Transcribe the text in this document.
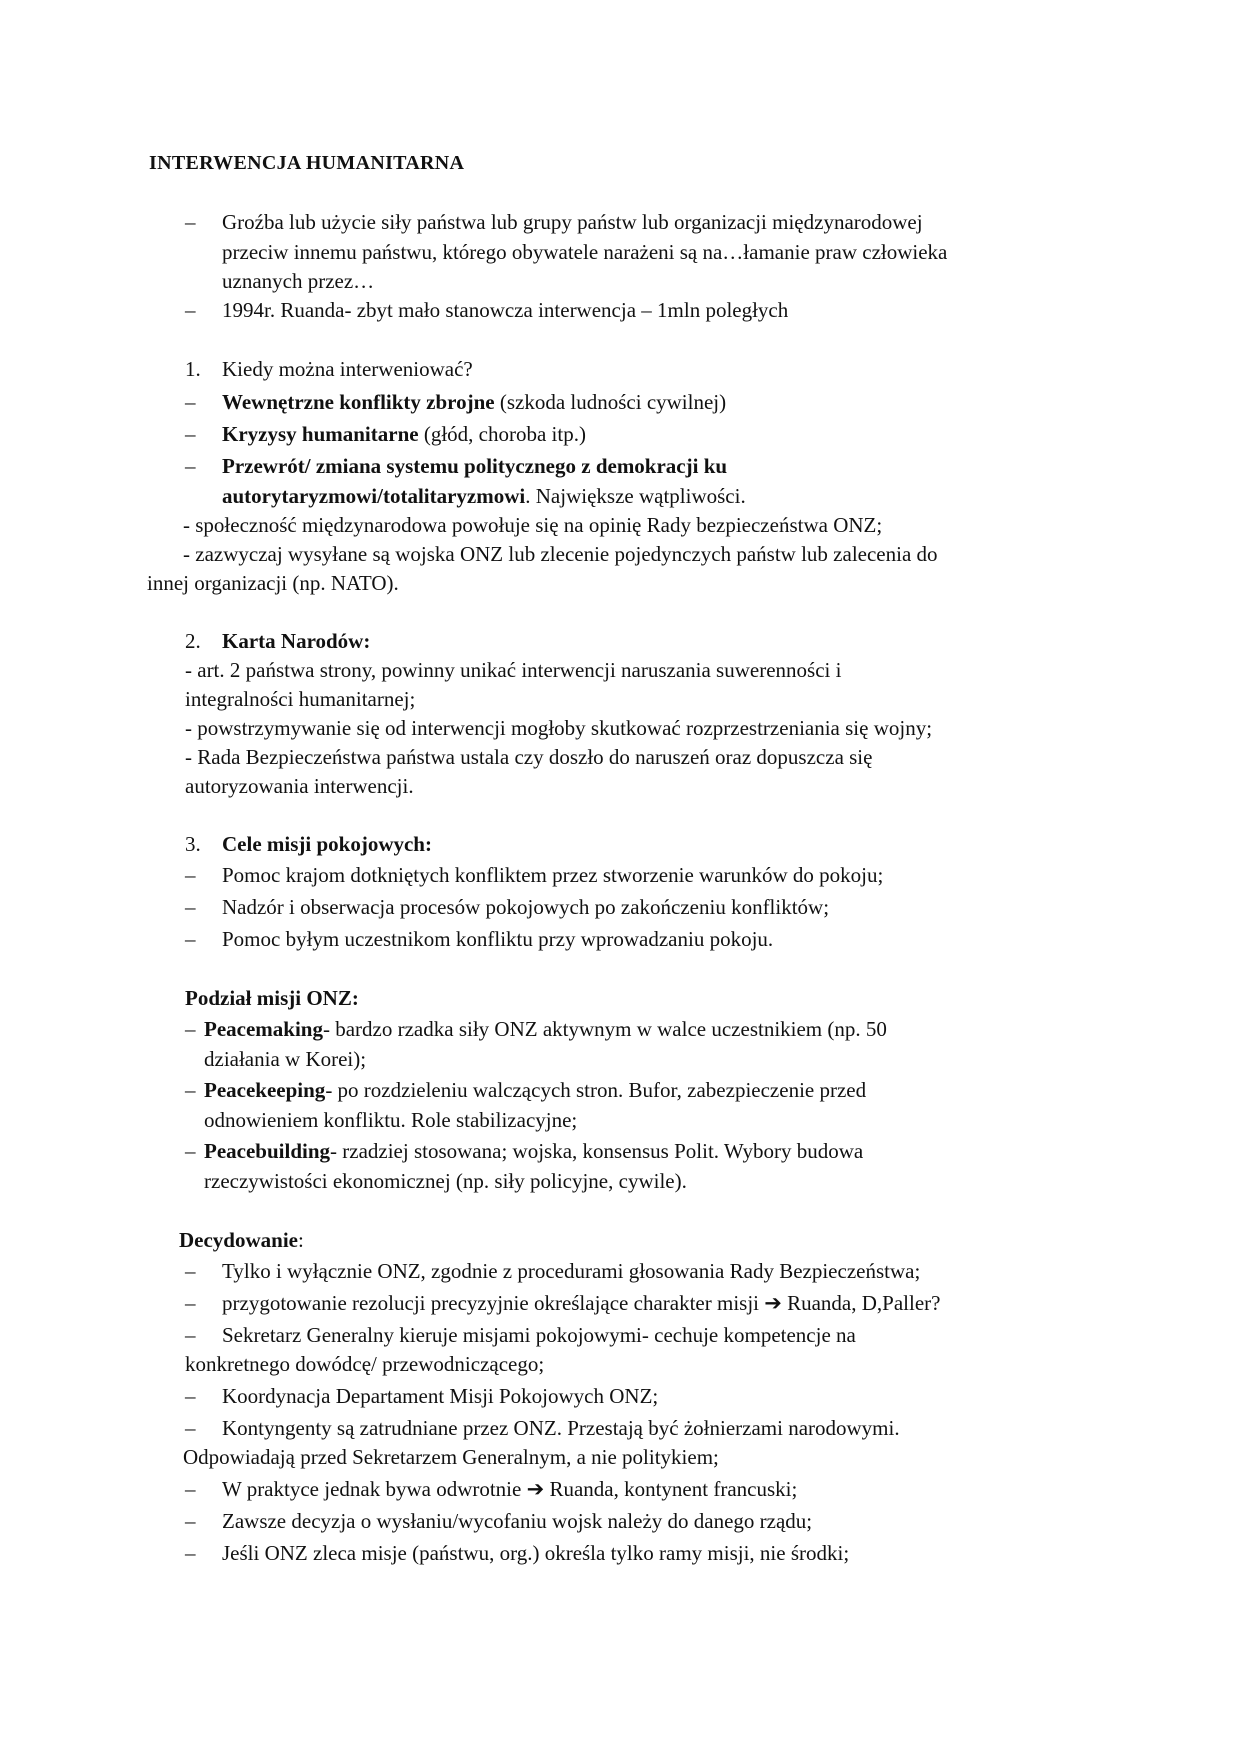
INTERWENCJA HUMANITARNA
– Groźba lub użycie siły państwa lub grupy państw lub organizacji międzynarodowej
przeciw innemu państwu, którego obywatele narażeni są na…łamanie praw człowieka
uznanych przez…
– 1994r. Ruanda- zbyt mało stanowcza interwencja – 1mln poległych
1. Kiedy można interweniować?
– Wewnętrzne konflikty zbrojne (szkoda ludności cywilnej)
– Kryzysy humanitarne (głód, choroba itp.)
– Przewrót/ zmiana systemu politycznego z demokracji ku
autorytaryzmowi/totalitaryzmowi. Największe wątpliwości.
- społeczność międzynarodowa powołuje się na opinię Rady bezpieczeństwa ONZ;
- zazwyczaj wysyłane są wojska ONZ lub zlecenie pojedynczych państw lub zalecenia do
innej organizacji (np. NATO).
2. Karta Narodów:
- art. 2 państwa strony, powinny unikać interwencji naruszania suwerenności i
integralności humanitarnej;
- powstrzymywanie się od interwencji mogłoby skutkować rozprzestrzeniania się wojny;
- Rada Bezpieczeństwa państwa ustala czy doszło do naruszeń oraz dopuszcza się
autoryzowania interwencji.
3. Cele misji pokojowych:
– Pomoc krajom dotkniętych konfliktem przez stworzenie warunków do pokoju;
– Nadzór i obserwacja procesów pokojowych po zakończeniu konfliktów;
– Pomoc byłym uczestnikom konfliktu przy wprowadzaniu pokoju.
Podział misji ONZ:
– Peacemaking- bardzo rzadka siły ONZ aktywnym w walce uczestnikiem (np. 50
działania w Korei);
– Peacekeeping- po rozdzieleniu walczących stron. Bufor, zabezpieczenie przed
odnowieniem konfliktu. Role stabilizacyjne;
– Peacebuilding- rzadziej stosowana; wojska, konsensus Polit. Wybory budowa
rzeczywistości ekonomicznej (np. siły policyjne, cywile).
Decydowanie:
– Tylko i wyłącznie ONZ, zgodnie z procedurami głosowania Rady Bezpieczeństwa;
– przygotowanie rezolucji precyzyjnie określające charakter misji ➔ Ruanda, D,Paller?
– Sekretarz Generalny kieruje misjami pokojowymi- cechuje kompetencje na
konkretnego dowódcę/ przewodniczącego;
– Koordynacja Departament Misji Pokojowych ONZ;
– Kontyngenty są zatrudniane przez ONZ. Przestają być żołnierzami narodowymi.
Odpowiadają przed Sekretarzem Generalnym, a nie politykiem;
– W praktyce jednak bywa odwrotnie ➔ Ruanda, kontynent francuski;
– Zawsze decyzja o wysłaniu/wycofaniu wojsk należy do danego rządu;
– Jeśli ONZ zleca misje (państwu, org.) określa tylko ramy misji, nie środki;
